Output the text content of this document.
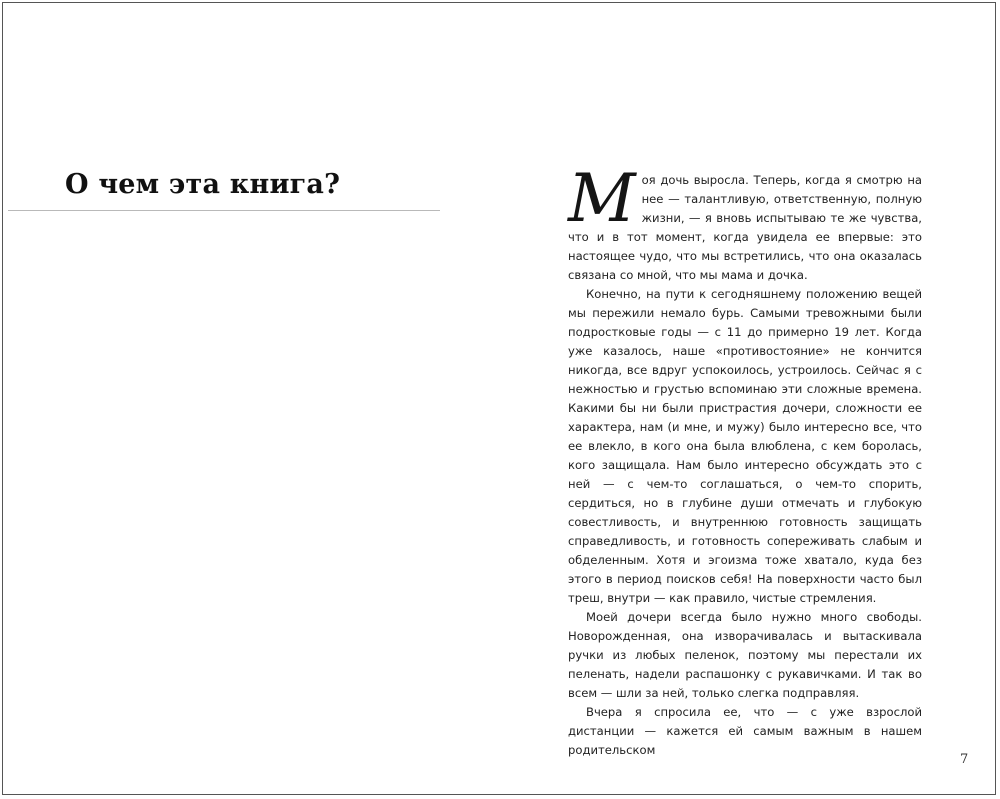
О чем эта книга?	Моя дочь выросла. Теперь, когда я смотрю на нее — талантливую, ответственную, полную жизни, — я вновь испытываю те же чувства, что и в тот момент, когда увидела ее впервые: это настоящее чудо, что мы встретились, что она оказалась связана со мной, что мы мама и дочка.

Конечно, на пути к сегодняшнему положению вещей мы пережили немало бурь. Самыми тревожными были подростковые годы — с 11 до примерно 19 лет. Когда уже казалось, наше «противостояние» не кончится никогда, все вдруг успокоилось, устроилось. Сейчас я с нежностью и грустью вспоминаю эти сложные времена. Какими бы ни были пристрастия дочери, сложности ее характера, нам (и мне, и мужу) было интересно все, что ее влекло, в кого она была влюблена, с кем боролась, кого защищала. Нам было интересно обсуждать это с ней — с чем-то соглашаться, о чем-то спорить, сердиться, но в глубине души отмечать и глубокую совестливость, и внутреннюю готовность защищать справедливость, и готовность сопереживать слабым и обделенным. Хотя и эгоизма тоже хватало, куда без этого в период поисков себя! На поверхности часто был треш, внутри — как правило, чистые стремления.

Моей дочери всегда было нужно много свободы. Новорожденная, она изворачивалась и вытаскивала ручки из любых пеленок, поэтому мы перестали их пеленать, надели распашонку с рукавичками. И так во всем — шли за ней, только слегка подправляя.

Вчера я спросила ее, что — с уже взрослой дистанции — кажется ей самым важным в нашем родительском

7
